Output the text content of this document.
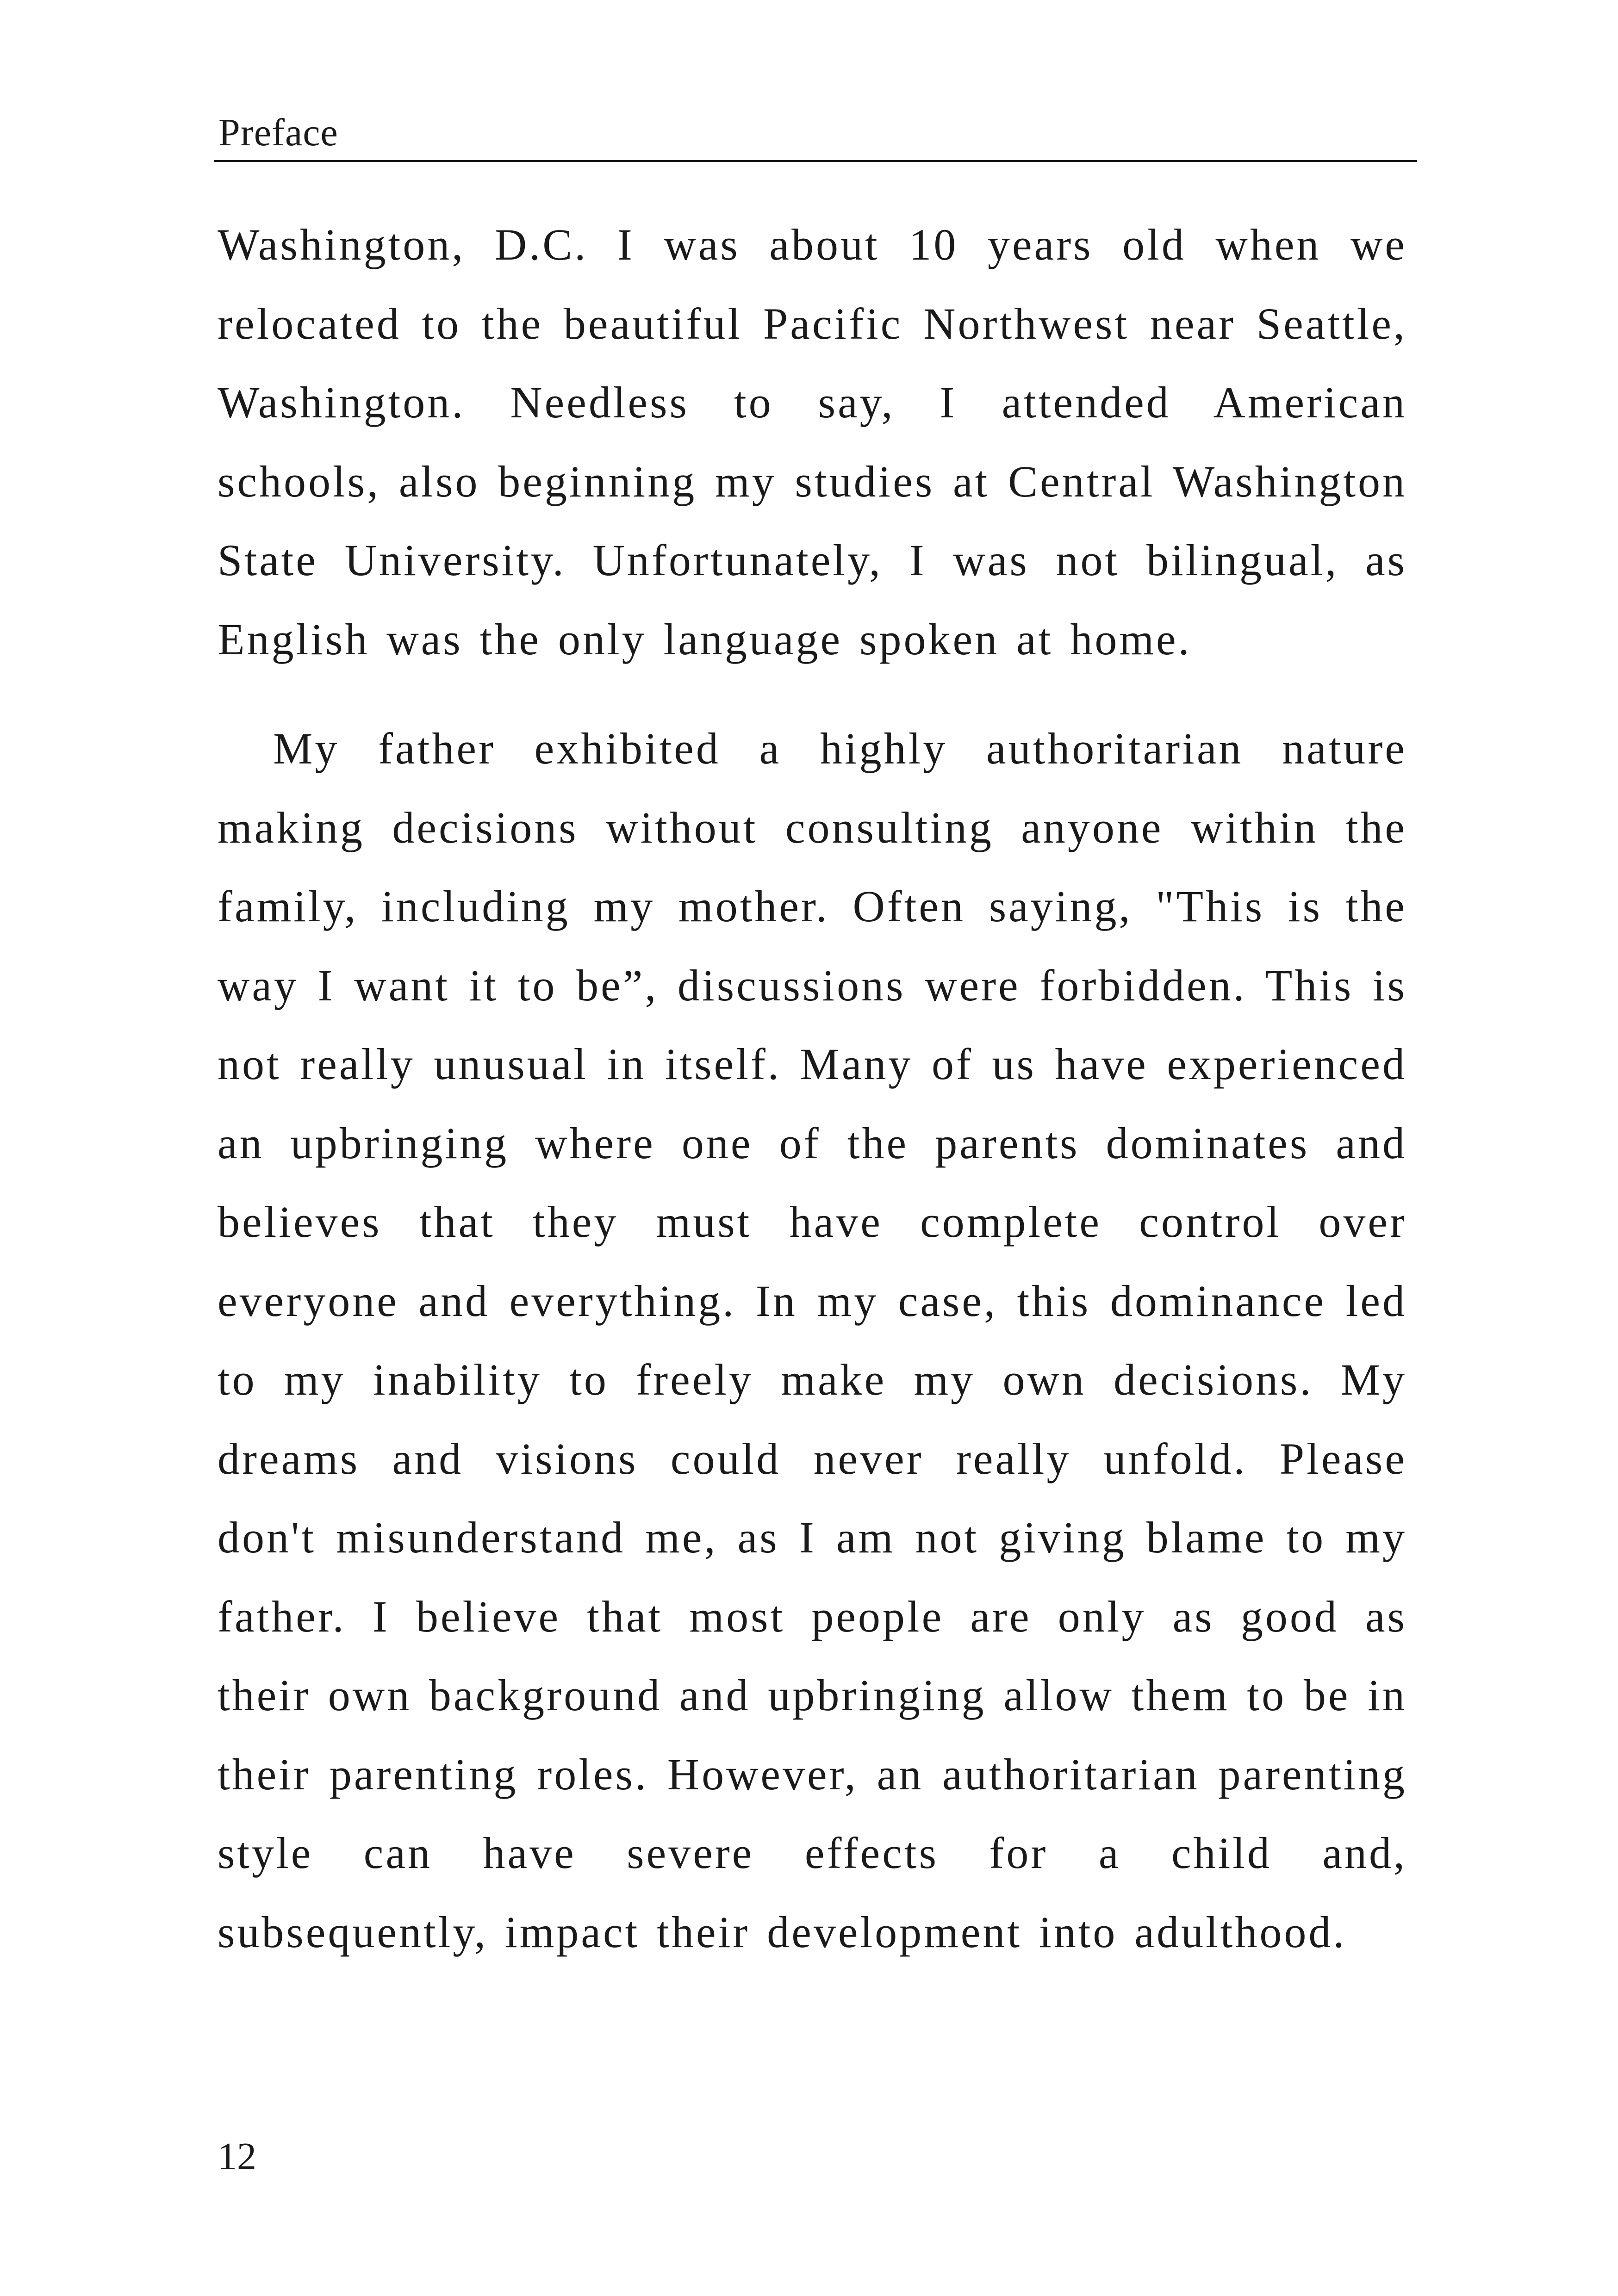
Preface

Washington, D.C. I was about 10 years old when we relocated to the beautiful Pacific Northwest near Seattle, Washington. Needless to say, I attended American schools, also beginning my studies at Central Washington State University. Unfortunately, I was not bilingual, as English was the only language spoken at home.

My father exhibited a highly authoritarian nature making decisions without consulting anyone within the family, including my mother. Often saying, "This is the way I want it to be”, discussions were forbidden. This is not really unusual in itself. Many of us have experienced an upbringing where one of the parents dominates and believes that they must have complete control over everyone and everything. In my case, this dominance led to my inability to freely make my own decisions. My dreams and visions could never really unfold. Please don't misunderstand me, as I am not giving blame to my father. I believe that most people are only as good as their own background and upbringing allow them to be in their parenting roles. However, an authoritarian parenting style can have severe effects for a child and, subsequently, impact their development into adulthood.

12
